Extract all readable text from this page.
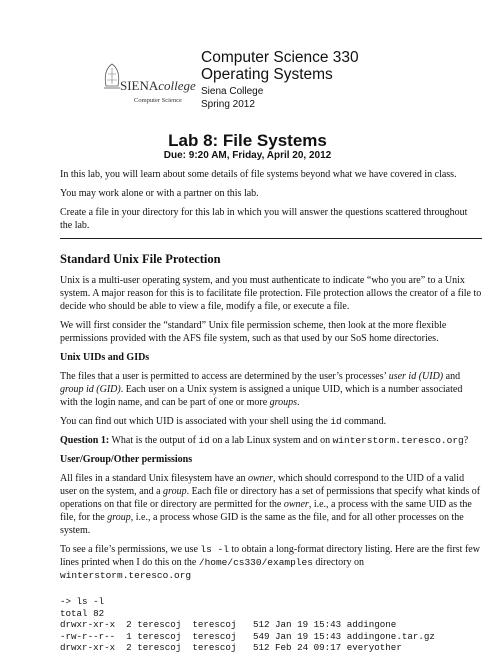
SIENAcollege
Computer Science
Computer Science 330
Operating Systems
Siena College
Spring 2012
Lab 8: File Systems
Due: 9:20 AM, Friday, April 20, 2012

In this lab, you will learn about some details of file systems beyond what we have covered in class.

You may work alone or with a partner on this lab.

Create a file in your directory for this lab in which you will answer the questions scattered throughout the lab.

Standard Unix File Protection

Unix is a multi-user operating system, and you must authenticate to indicate “who you are” to a Unix system. A major reason for this is to facilitate file protection. File protection allows the creator of a file to decide who should be able to view a file, modify a file, or execute a file.

We will first consider the “standard” Unix file permission scheme, then look at the more flexible permissions provided with the AFS file system, such as that used by our SoS home directories.

Unix UIDs and GIDs

The files that a user is permitted to access are determined by the user’s processes’ user id (UID) and group id (GID). Each user on a Unix system is assigned a unique UID, which is a number associated with the login name, and can be part of one or more groups.

You can find out which UID is associated with your shell using the id command.

Question 1: What is the output of id on a lab Linux system and on winterstorm.teresco.org?

User/Group/Other permissions

All files in a standard Unix filesystem have an owner, which should correspond to the UID of a valid user on the system, and a group. Each file or directory has a set of permissions that specify what kinds of operations on that file or directory are permitted for the owner, i.e., a process with the same UID as the file, for the group, i.e., a process whose GID is the same as the file, and for all other processes on the system.

To see a file’s permissions, we use ls -l to obtain a long-format directory listing. Here are the first few lines printed when I do this on the /home/cs330/examples directory on winterstorm.teresco.org

-> ls -l
total 82
drwxr-xr-x  2 terescoj  terescoj   512 Jan 19 15:43 addingone
-rw-r--r--  1 terescoj  terescoj   549 Jan 19 15:43 addingone.tar.gz
drwxr-xr-x  2 terescoj  terescoj   512 Feb 24 09:17 everyother
